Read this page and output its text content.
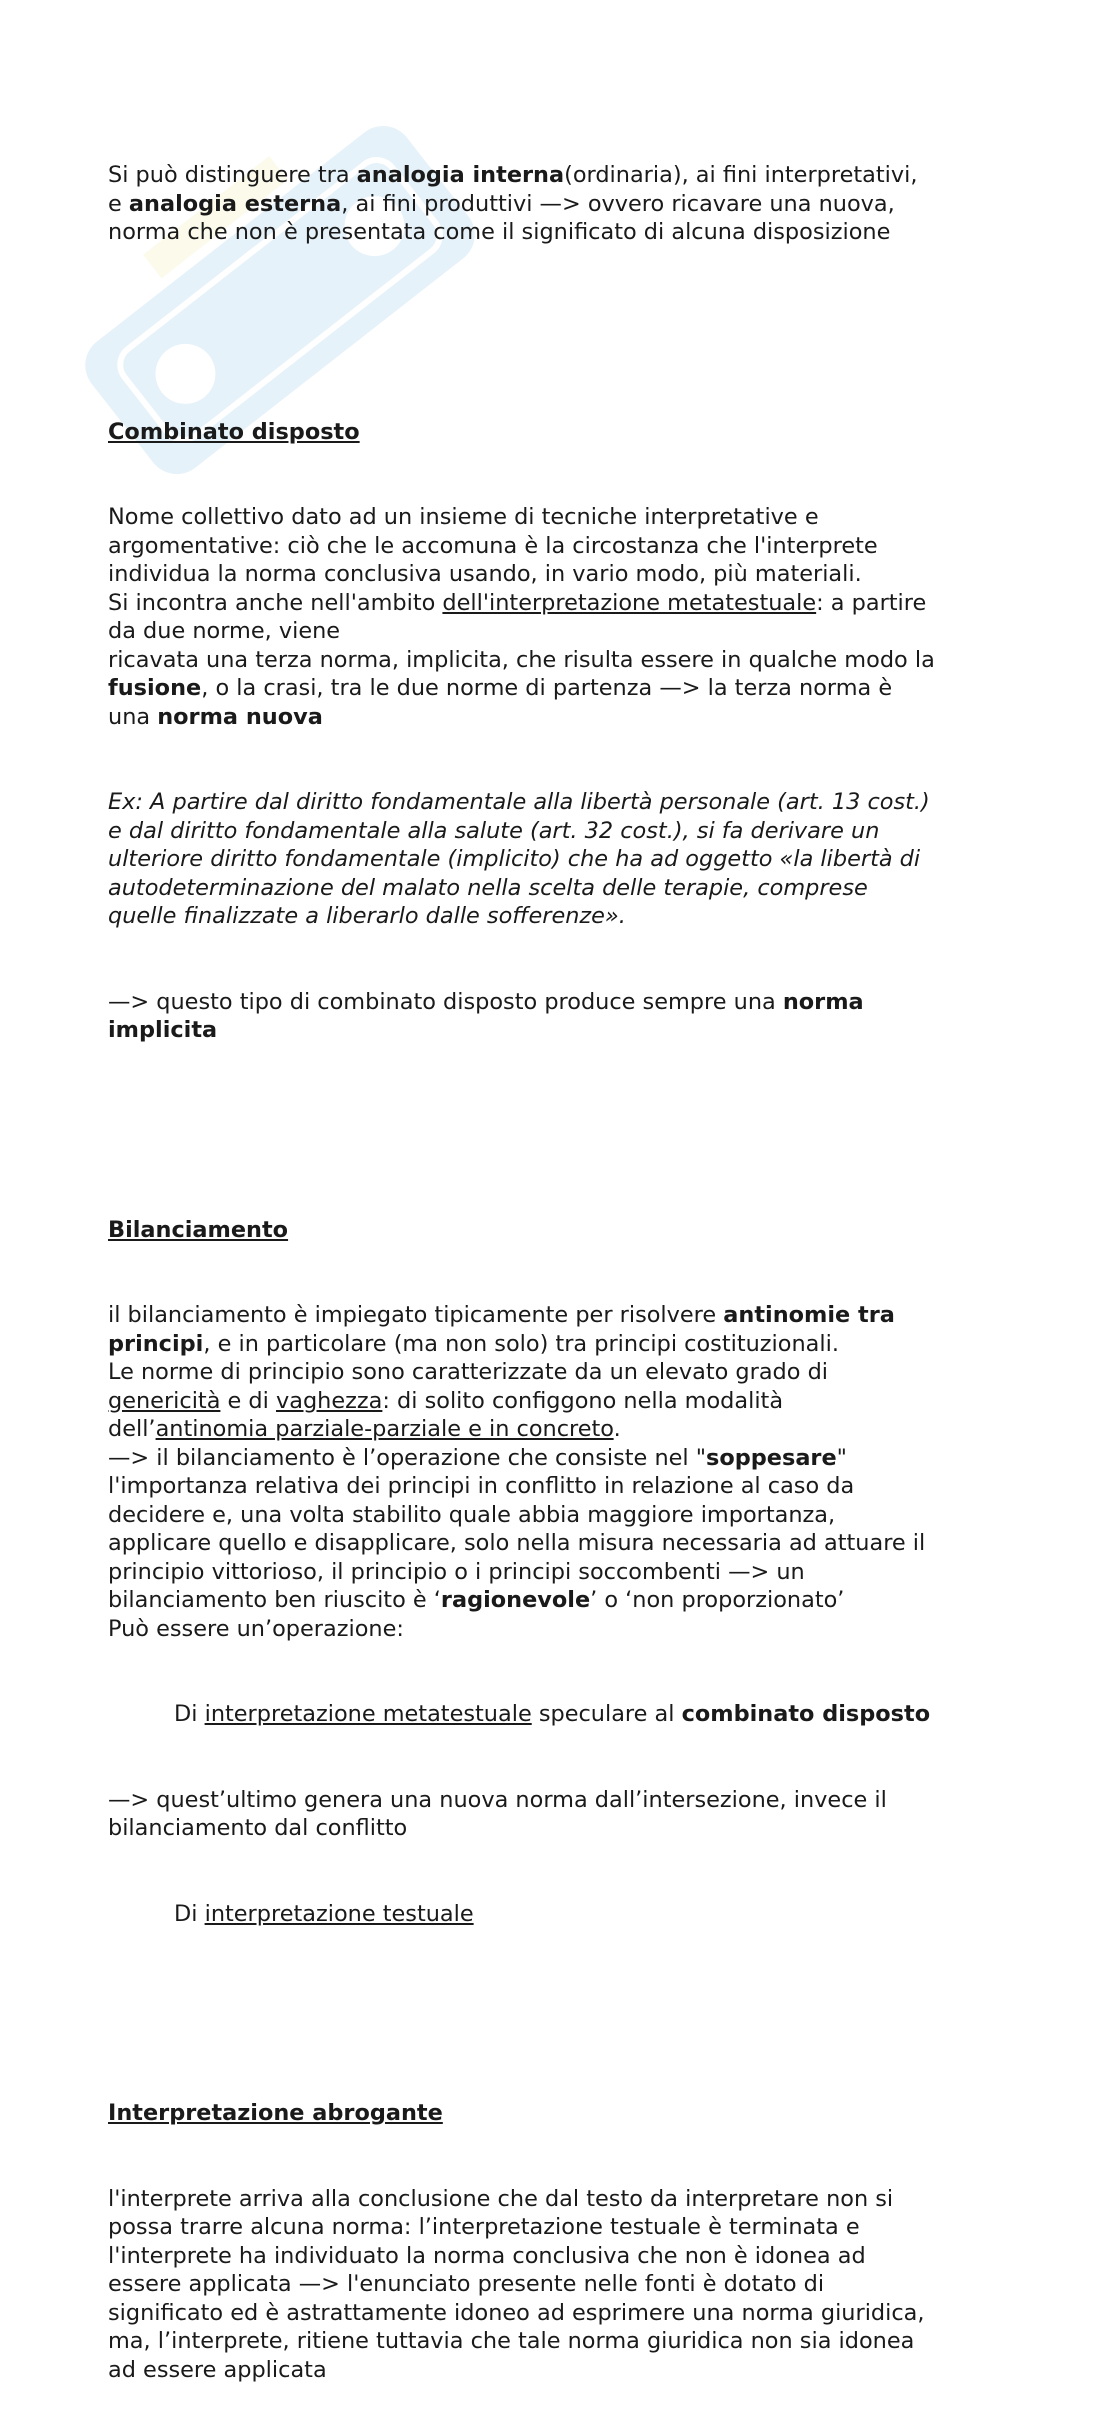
Si può distinguere tra analogia interna(ordinaria), ai fini interpretativi,
e analogia esterna, ai fini produttivi —> ovvero ricavare una nuova,
norma che non è presentata come il significato di alcuna disposizione

Combinato disposto

Nome collettivo dato ad un insieme di tecniche interpretative e
argomentative: ciò che le accomuna è la circostanza che l'interprete
individua la norma conclusiva usando, in vario modo, più materiali.
Si incontra anche nell'ambito dell'interpretazione metatestuale: a partire
da due norme, viene
ricavata una terza norma, implicita, che risulta essere in qualche modo la
fusione, o la crasi, tra le due norme di partenza —> la terza norma è
una norma nuova

Ex: A partire dal diritto fondamentale alla libertà personale (art. 13 cost.)
e dal diritto fondamentale alla salute (art. 32 cost.), si fa derivare un
ulteriore diritto fondamentale (implicito) che ha ad oggetto «la libertà di
autodeterminazione del malato nella scelta delle terapie, comprese
quelle finalizzate a liberarlo dalle sofferenze».

—> questo tipo di combinato disposto produce sempre una norma
implicita

Bilanciamento

il bilanciamento è impiegato tipicamente per risolvere antinomie tra
principi, e in particolare (ma non solo) tra principi costituzionali.
Le norme di principio sono caratterizzate da un elevato grado di
genericità e di vaghezza: di solito configgono nella modalità
dell’antinomia parziale-parziale e in concreto.
—> il bilanciamento è l’operazione che consiste nel "soppesare"
l'importanza relativa dei principi in conflitto in relazione al caso da
decidere e, una volta stabilito quale abbia maggiore importanza,
applicare quello e disapplicare, solo nella misura necessaria ad attuare il
principio vittorioso, il principio o i principi soccombenti —> un
bilanciamento ben riuscito è ‘ragionevole’ o ‘non proporzionato’
Può essere un’operazione:

Di interpretazione metatestuale speculare al combinato disposto

—> quest’ultimo genera una nuova norma dall’intersezione, invece il
bilanciamento dal conflitto

Di interpretazione testuale

Interpretazione abrogante

l'interprete arriva alla conclusione che dal testo da interpretare non si
possa trarre alcuna norma: l’interpretazione testuale è terminata e
l'interprete ha individuato la norma conclusiva che non è idonea ad
essere applicata —> l'enunciato presente nelle fonti è dotato di
significato ed è astrattamente idoneo ad esprimere una norma giuridica,
ma, l’interprete, ritiene tuttavia che tale norma giuridica non sia idonea
ad essere applicata
